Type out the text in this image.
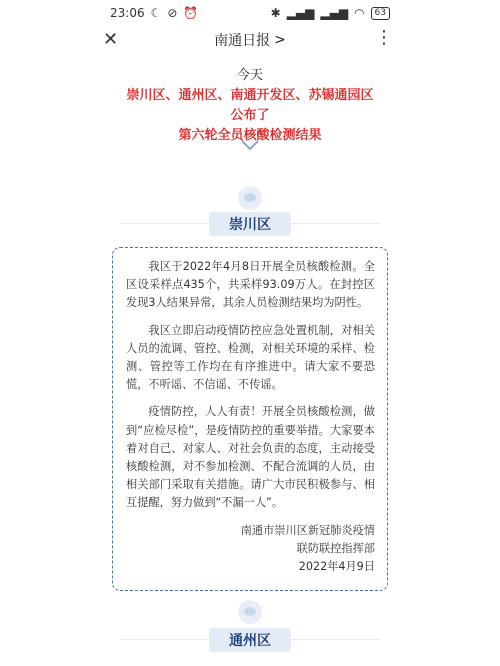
23:06 ☾ ⊘ ⏰	✱ ▂▄▆ ▂▄▆ ◠	63
✕	南通日报 >	⋮
今天
崇川区、通州区、南通开发区、苏锡通园区
公布了
第六轮全员核酸检测结果
崇川区

我区于2022年4月8日开展全员核酸检测。全区设采样点435个，共采样93.09万人。在封控区发现3人结果异常，其余人员检测结果均为阴性。

我区立即启动疫情防控应急处置机制，对相关人员的流调、管控、检测，对相关环境的采样、检测、管控等工作均在有序推进中。请大家不要恐慌，不听谣、不信谣、不传谣。

疫情防控，人人有责！开展全员核酸检测，做到“应检尽检”，是疫情防控的重要举措。大家要本着对自己、对家人、对社会负责的态度，主动接受核酸检测，对不参加检测、不配合流调的人员，由相关部门采取有关措施。请广大市民积极参与、相互提醒，努力做到“不漏一人”。

南通市崇川区新冠肺炎疫情
联防联控指挥部
2022年4月9日
通州区
